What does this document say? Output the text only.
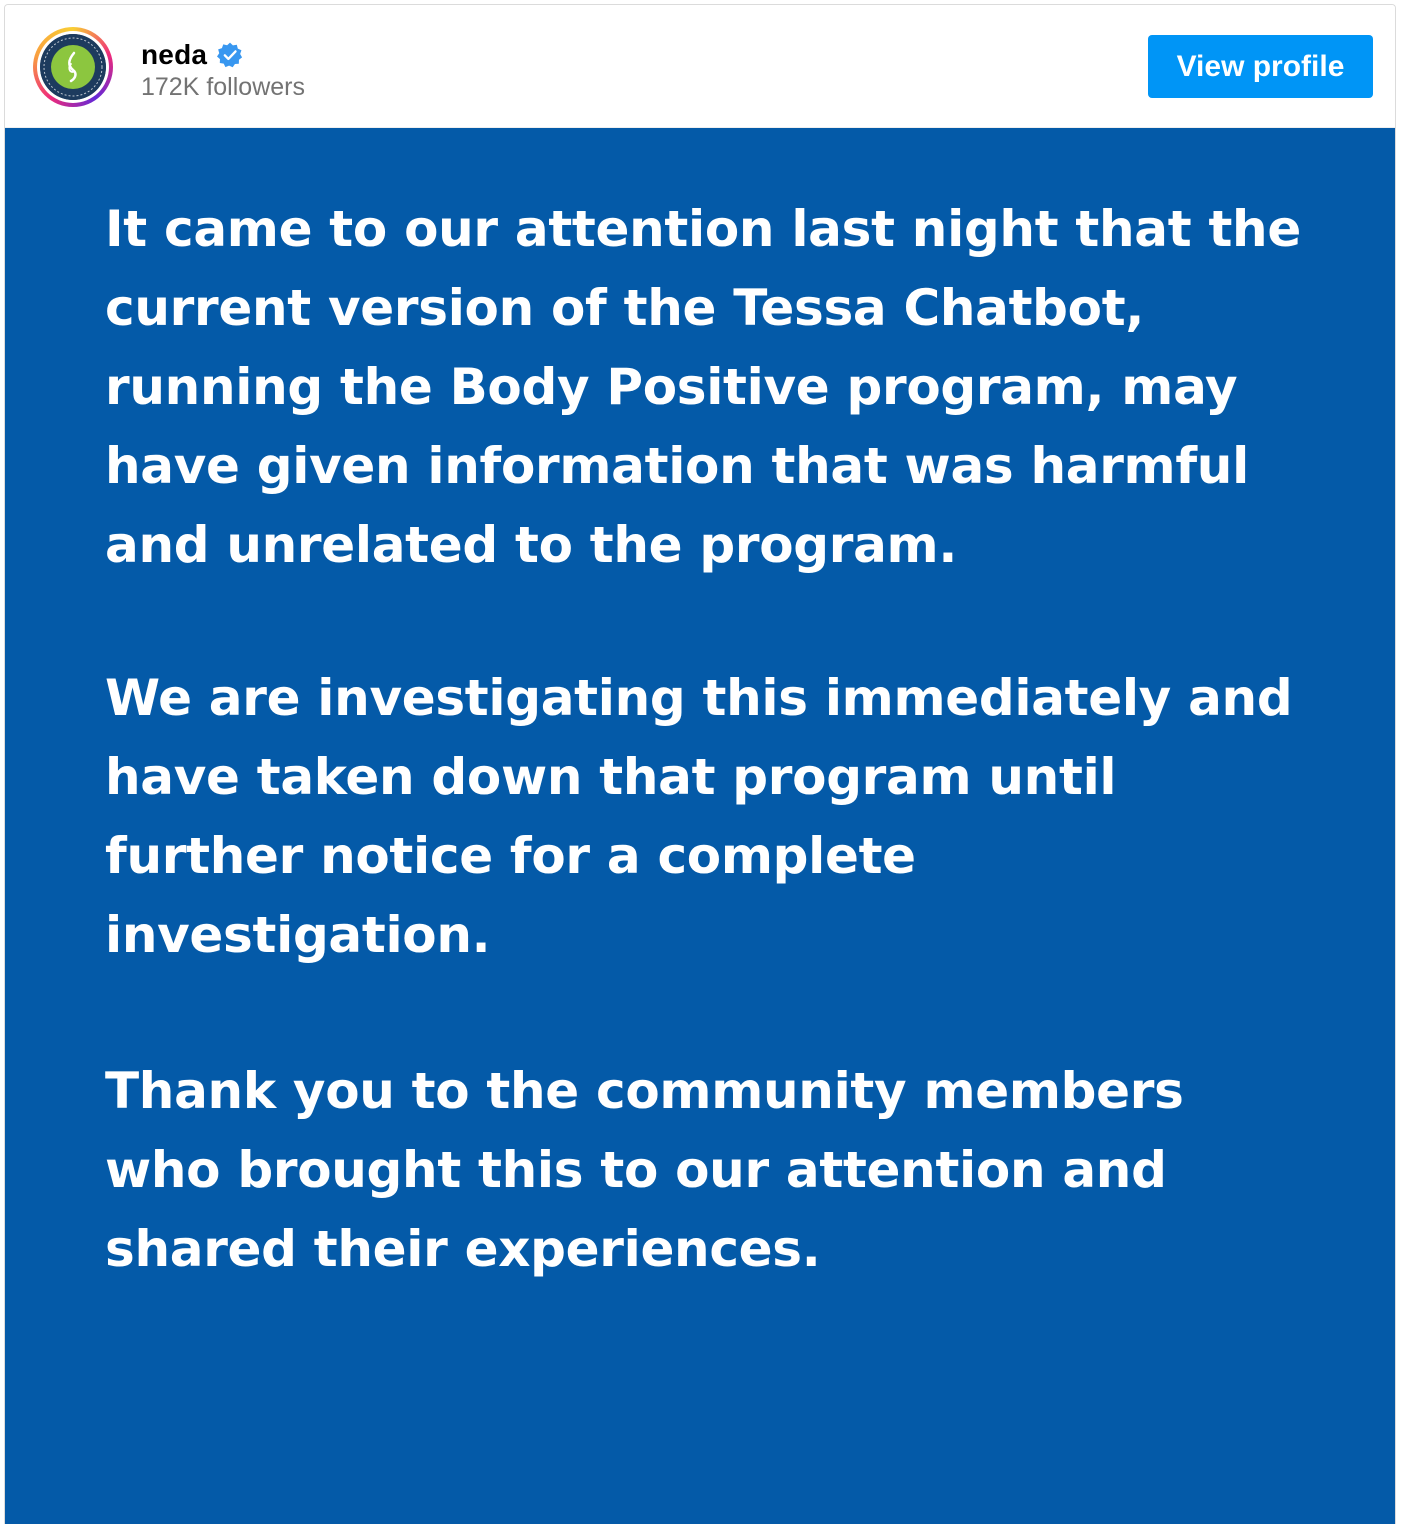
neda
172K followers
View profile

It came to our attention last night that the current version of the Tessa Chatbot, running the Body Positive program, may have given information that was harmful and unrelated to the program.

We are investigating this immediately and have taken down that program until further notice for a complete investigation.

Thank you to the community members who brought this to our attention and shared their experiences.
